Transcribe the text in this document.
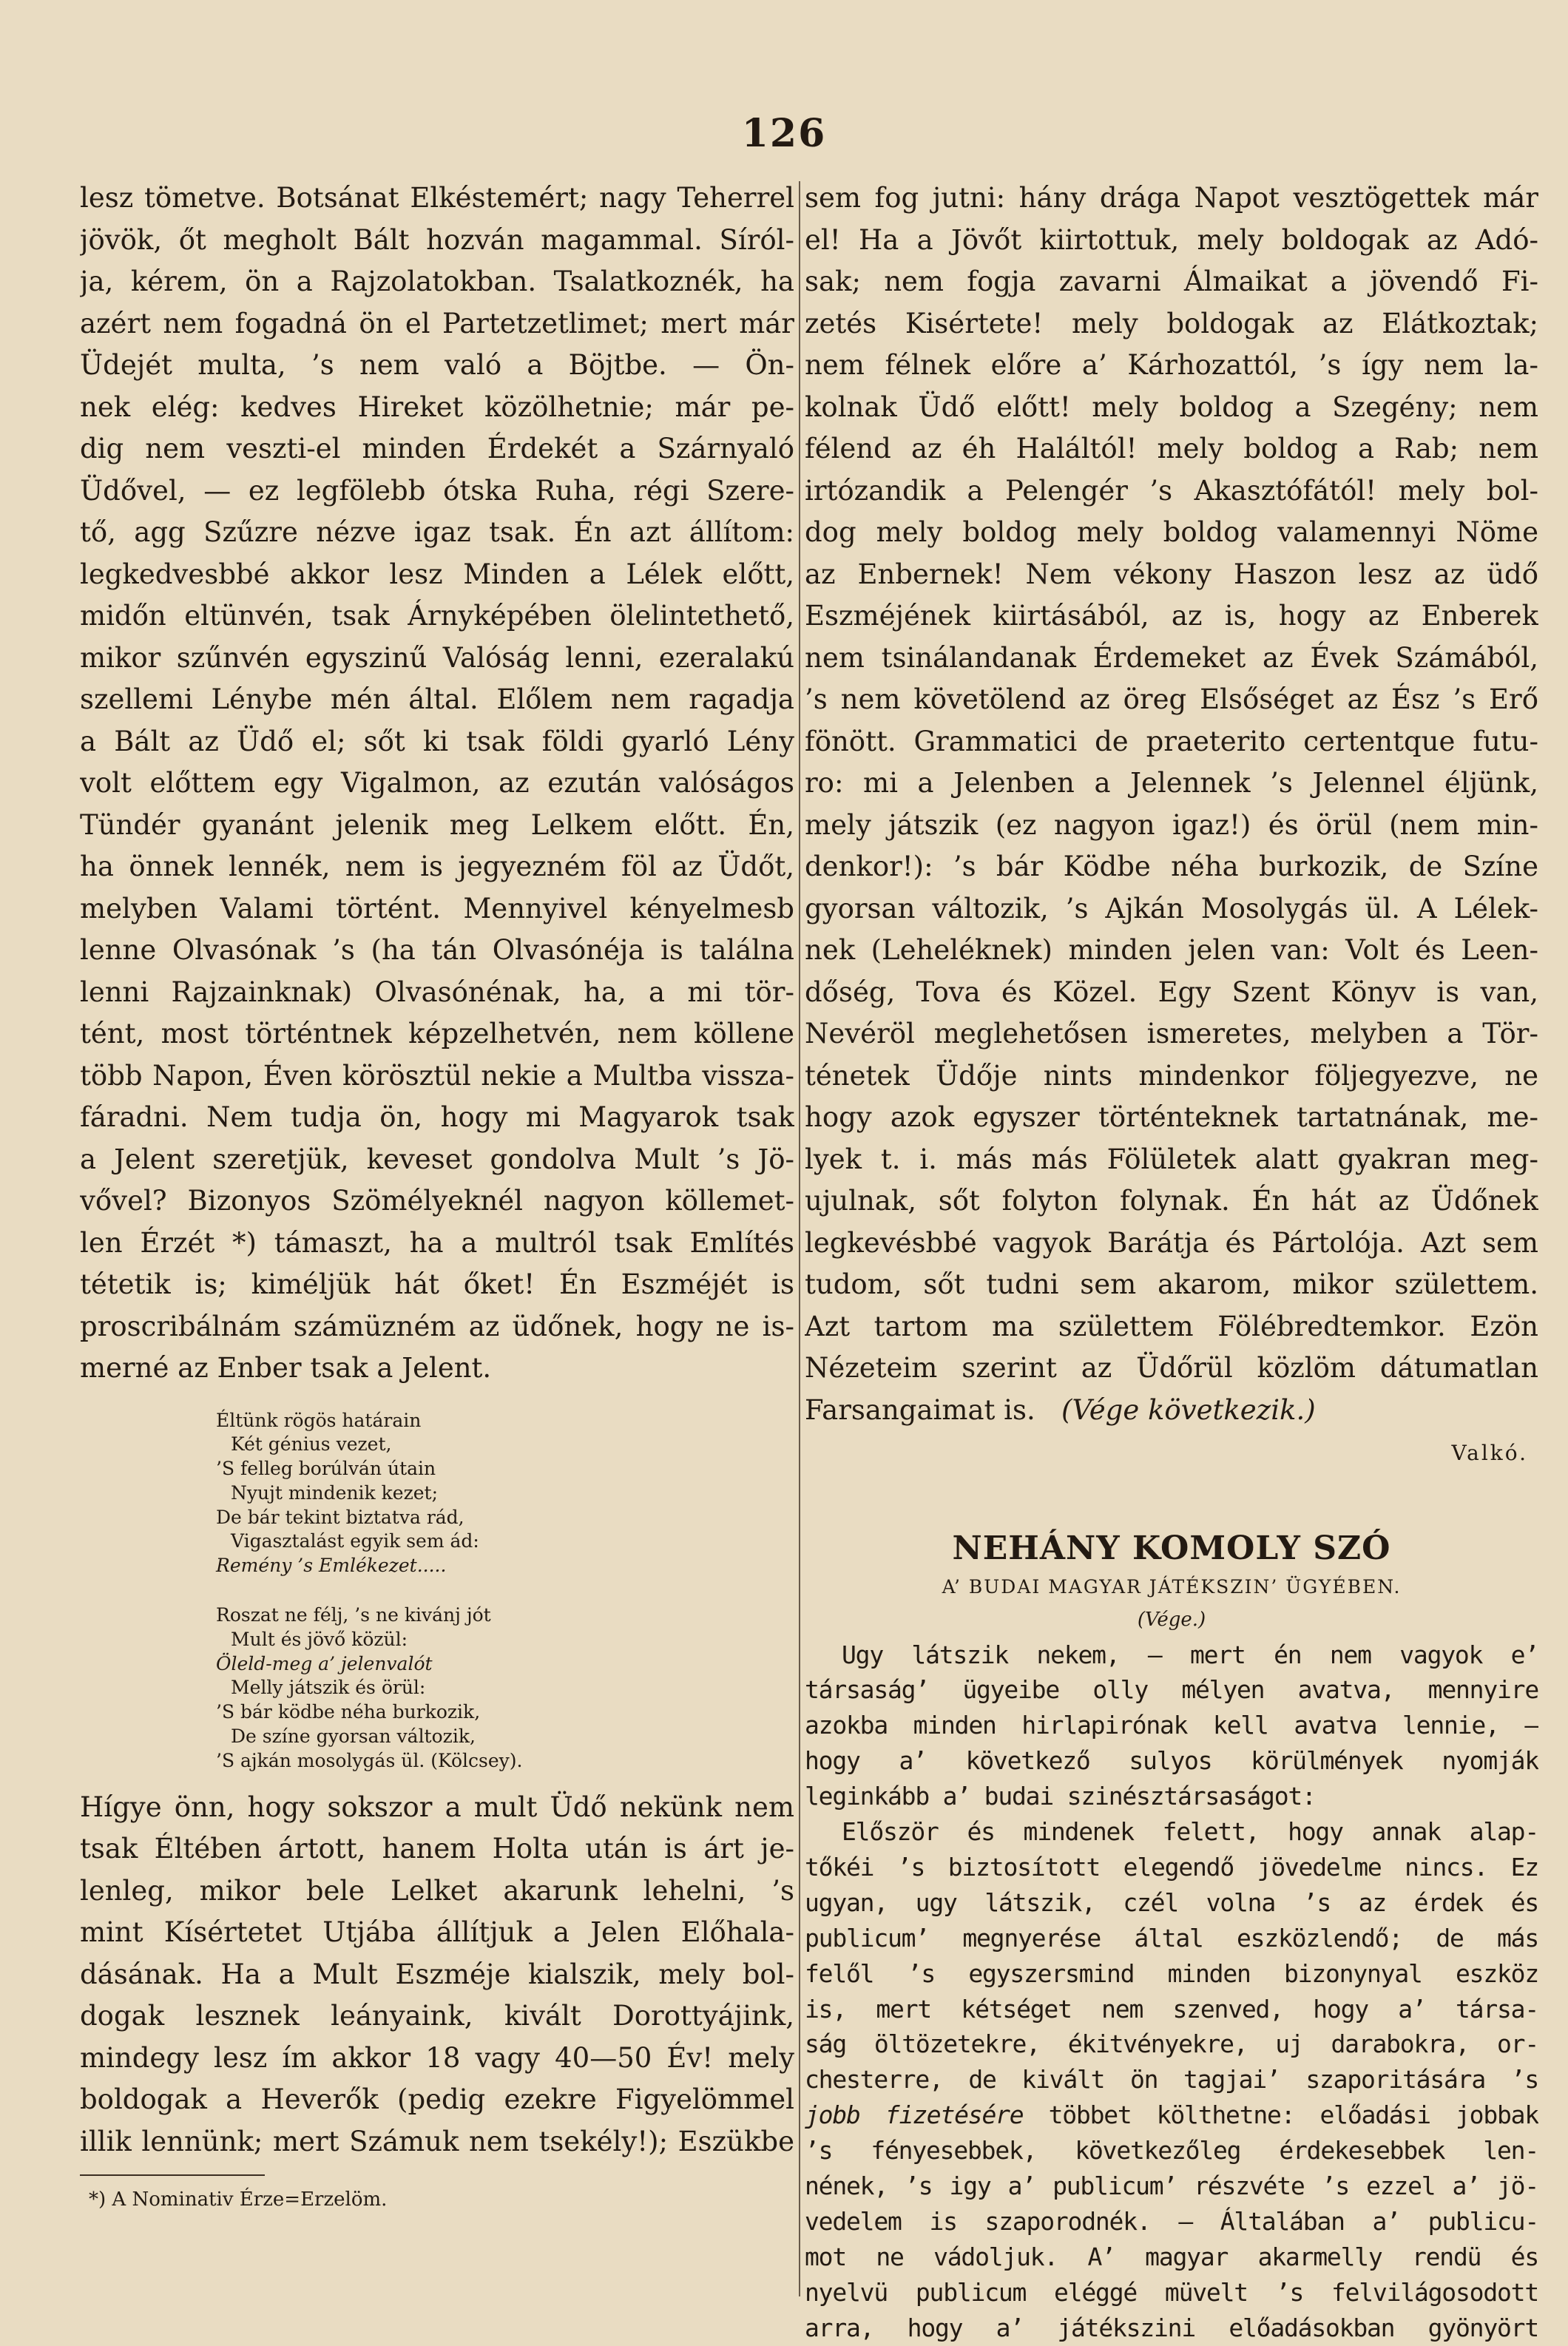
126
lesz tömetve. Botsánat Elkéstemért; nagy Teherrel
jövök, őt megholt Bált hozván magammal. Síról-
ja, kérem, ön a Rajzolatokban. Tsalatkoznék, ha
azért nem fogadná ön el Partetzetlimet; mert már
Üdejét multa, ’s nem való a Böjtbe. — Ön-
nek elég: kedves Hireket közölhetnie; már pe-
dig nem veszti-el minden Érdekét a Szárnyaló
Üdővel, — ez legfölebb ótska Ruha, régi Szere-
tő, agg Szűzre nézve igaz tsak. Én azt állítom:
legkedvesbbé akkor lesz Minden a Lélek előtt,
midőn eltünvén, tsak Árnyképében ölelintethető,
mikor szűnvén egyszinű Valóság lenni, ezeralakú
szellemi Lénybe mén által. Előlem nem ragadja
a Bált az Üdő el; sőt ki tsak földi gyarló Lény
volt előttem egy Vigalmon, az ezután valóságos
Tündér gyanánt jelenik meg Lelkem előtt. Én,
ha önnek lennék, nem is jegyezném föl az Üdőt,
melyben Valami történt. Mennyivel kényelmesb
lenne Olvasónak ’s (ha tán Olvasónéja is találna
lenni Rajzainknak) Olvasónénak, ha, a mi tör-
tént, most történtnek képzelhetvén, nem köllene
több Napon, Éven körösztül nekie a Multba vissza-
fáradni. Nem tudja ön, hogy mi Magyarok tsak
a Jelent szeretjük, keveset gondolva Mult ’s Jö-
vővel? Bizonyos Szömélyeknél nagyon köllemet-
len Érzét *) támaszt, ha a multról tsak Említés
tétetik is; kiméljük hát őket! Én Eszméjét is
proscribálnám számüzném az üdőnek, hogy ne is-
merné az Enber tsak a Jelent.
Éltünk rögös határain
Két génius vezet,
’S felleg borúlván útain
Nyujt mindenik kezet;
De bár tekint biztatva rád,
Vigasztalást egyik sem ád:
Remény ’s Emlékezet.....
Roszat ne félj, ’s ne kivánj jót
Mult és jövő közül:
Öleld-meg a’ jelenvalót
Melly játszik és örül:
’S bár ködbe néha burkozik,
De színe gyorsan változik,
’S ajkán mosolygás ül. (Kölcsey).
Hígye önn, hogy sokszor a mult Üdő nekünk nem
tsak Éltében ártott, hanem Holta után is árt je-
lenleg, mikor bele Lelket akarunk lehelni, ’s
mint Kísértetet Utjába állítjuk a Jelen Előhala-
dásának. Ha a Mult Eszméje kialszik, mely bol-
dogak lesznek leányaink, kivált Dorottyájink,
mindegy lesz ím akkor 18 vagy 40—50 Év! mely
boldogak a Heverők (pedig ezekre Figyelömmel
illik lennünk; mert Számuk nem tsekély!); Eszükbe
*) A Nominativ Érze=Erzelöm.
sem fog jutni: hány drága Napot vesztögettek már
el! Ha a Jövőt kiirtottuk, mely boldogak az Adó-
sak; nem fogja zavarni Álmaikat a jövendő Fi-
zetés Kisértete! mely boldogak az Elátkoztak;
nem félnek előre a’ Kárhozattól, ’s így nem la-
kolnak Üdő előtt! mely boldog a Szegény; nem
félend az éh Haláltól! mely boldog a Rab; nem
irtózandik a Pelengér ’s Akasztófától! mely bol-
dog mely boldog mely boldog valamennyi Nöme
az Enbernek! Nem vékony Haszon lesz az üdő
Eszméjének kiirtásából, az is, hogy az Enberek
nem tsinálandanak Érdemeket az Évek Számából,
’s nem követölend az öreg Elsőséget az Ész ’s Erő
fönött. Grammatici de praeterito certentque futu-
ro: mi a Jelenben a Jelennek ’s Jelennel éljünk,
mely játszik (ez nagyon igaz!) és örül (nem min-
denkor!): ’s bár Ködbe néha burkozik, de Színe
gyorsan változik, ’s Ajkán Mosolygás ül. A Lélek-
nek (Leheléknek) minden jelen van: Volt és Leen-
dőség, Tova és Közel. Egy Szent Könyv is van,
Nevéröl meglehetősen ismeretes, melyben a Tör-
ténetek Üdője nints mindenkor följegyezve, ne
hogy azok egyszer történteknek tartatnának, me-
lyek t. i. más más Fölületek alatt gyakran meg-
ujulnak, sőt folyton folynak. Én hát az Üdőnek
legkevésbbé vagyok Barátja és Pártolója. Azt sem
tudom, sőt tudni sem akarom, mikor születtem.
Azt tartom ma születtem Fölébredtemkor. Ezön
Nézeteim szerint az Üdőrül közlöm dátumatlan
Farsangaimat is. (Vége következik.)
Valkó.
NEHÁNY KOMOLY SZÓ
A’ BUDAI MAGYAR JÁTÉKSZIN’ ÜGYÉBEN.
(Vége.)
Ugy látszik nekem, — mert én nem vagyok e’
társaság’ ügyeibe olly mélyen avatva, mennyire
azokba minden hirlapirónak kell avatva lennie, —
hogy a’ következő sulyos körülmények nyomják
leginkább a’ budai szinésztársaságot:
Először és mindenek felett, hogy annak alap-
tőkéi ’s biztosított elegendő jövedelme nincs. Ez
ugyan, ugy látszik, czél volna ’s az érdek és
publicum’ megnyerése által eszközlendő; de más
felől ’s egyszersmind minden bizonynyal eszköz
is, mert kétséget nem szenved, hogy a’ társa-
ság öltözetekre, ékitvényekre, uj darabokra, or-
chesterre, de kivált ön tagjai’ szaporitására ’s
jobb fizetésére többet költhetne: előadási jobbak
’s fényesebbek, következőleg érdekesebbek len-
nének, ’s igy a’ publicum’ részvéte ’s ezzel a’ jö-
vedelem is szaporodnék. — Általában a’ publicu-
mot ne vádoljuk. A’ magyar akarmelly rendü és
nyelvü publicum eléggé müvelt ’s felvilágosodott
arra, hogy a’ játékszini előadásokban gyönyört
